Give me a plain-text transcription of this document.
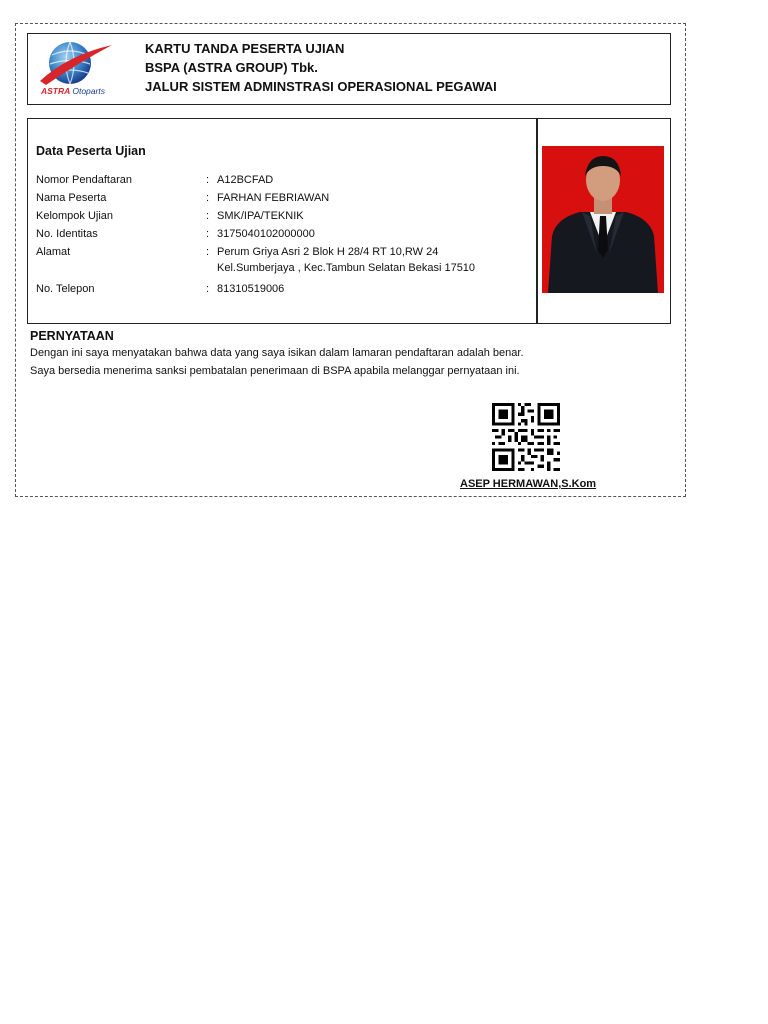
ASTRA Otoparts
KARTU TANDA PESERTA UJIAN
BSPA (ASTRA GROUP) Tbk.
JALUR SISTEM ADMINSTRASI OPERASIONAL PEGAWAI
Data Peserta Ujian
Nomor Pendaftaran	: A12BCFAD
Nama Peserta	: FARHAN FEBRIAWAN
Kelompok Ujian	: SMK/IPA/TEKNIK
No. Identitas	: 3175040102000000
Alamat	: Perum Griya Asri 2 Blok H 28/4 RT 10,RW 24
Kel.Sumberjaya , Kec.Tambun Selatan Bekasi 17510
No. Telepon	: 81310519006
PERNYATAAN
Dengan ini saya menyatakan bahwa data yang saya isikan dalam lamaran pendaftaran adalah benar.
Saya bersedia menerima sanksi pembatalan penerimaan di BSPA apabila melanggar pernyataan ini.
ASEP HERMAWAN,S.Kom
